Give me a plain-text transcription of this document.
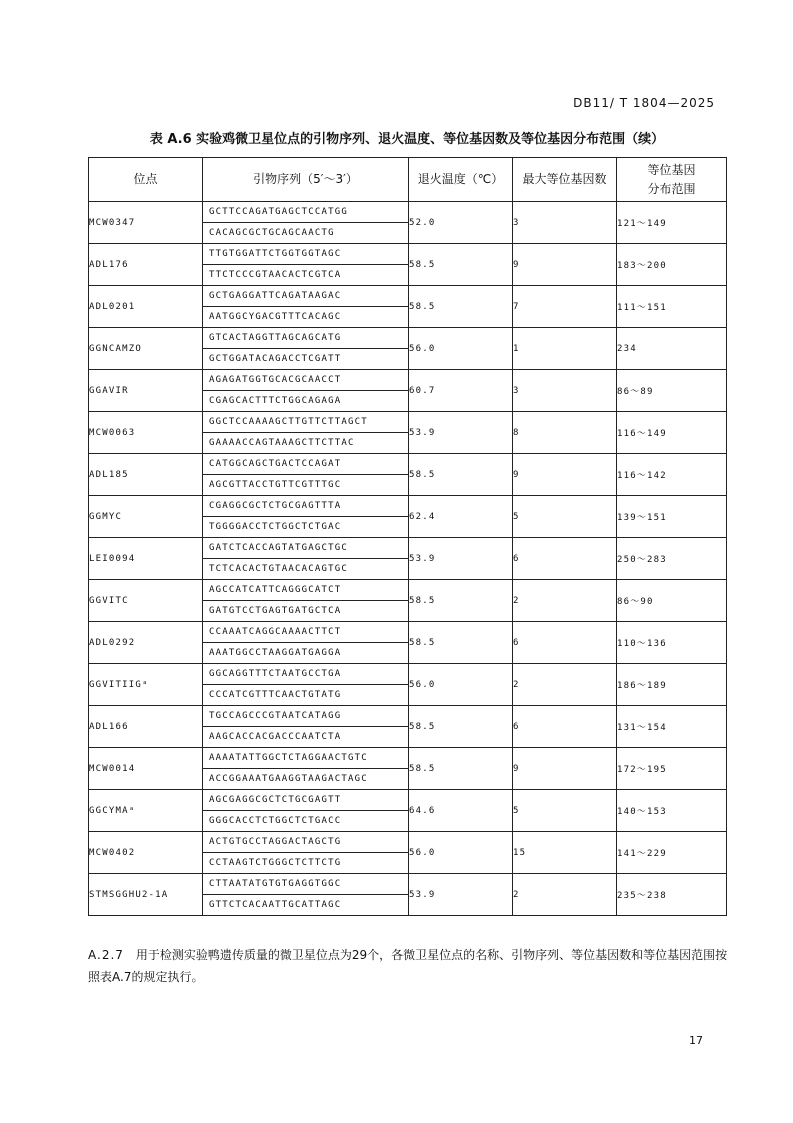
DB11/ T 1804—2025
表 A.6 实验鸡微卫星位点的引物序列、退火温度、等位基因数及等位基因分布范围（续）
位点	引物序列（5′～3′）	退火温度（℃）	最大等位基因数	等位基因
分布范围

MCW0347	GCTTCCAGATGAGCTCCATGG
CACAGCGCTGCAGCAACTG	52.0	3	121～149
ADL176	TTGTGGATTCTGGTGGTAGC
TTCTCCCGTAACACTCGTCA	58.5	9	183～200
ADL0201	GCTGAGGATTCAGATAAGAC
AATGGCYGACGTTTCACAGC	58.5	7	111～151
GGNCAMZO	GTCACTAGGTTAGCAGCATG
GCTGGATACAGACCTCGATT	56.0	1	234
GGAVIR	AGAGATGGTGCACGCAACCT
CGAGCACTTTCTGGCAGAGA	60.7	3	86～89
MCW0063	GGCTCCAAAAGCTTGTTCTTAGCT
GAAAACCAGTAAAGCTTCTTAC	53.9	8	116～149
ADL185	CATGGCAGCTGACTCCAGAT
AGCGTTACCTGTTCGTTTGC	58.5	9	116～142
GGMYC	CGAGGCGCTCTGCGAGTTTA
TGGGGACCTCTGGCTCTGAC	62.4	5	139～151
LEI0094	GATCTCACCAGTATGAGCTGC
TCTCACACTGTAACACAGTGC	53.9	6	250～283
GGVITC	AGCCATCATTCAGGGCATCT
GATGTCCTGAGTGATGCTCA	58.5	2	86～90
ADL0292	CCAAATCAGGCAAAACTTCT
AAATGGCCTAAGGATGAGGA	58.5	6	110～136
GGVITIIGᵃ	GGCAGGTTTCTAATGCCTGA
CCCATCGTTTCAACTGTATG	56.0	2	186～189
ADL166	TGCCAGCCCGTAATCATAGG
AAGCACCACGACCCAATCTA	58.5	6	131～154
MCW0014	AAAATATTGGCTCTAGGAACTGTC
ACCGGAAATGAAGGTAAGACTAGC	58.5	9	172～195
GGCYMAᵃ	AGCGAGGCGCTCTGCGAGTT
GGGCACCTCTGGCTCTGACC	64.6	5	140～153
MCW0402	ACTGTGCCTAGGACTAGCTG
CCTAAGTCTGGGCTCTTCTG	56.0	15	141～229
STMSGGHU2-1A	CTTAATATGTGTGAGGTGGC
GTTCTCACAATTGCATTAGC	53.9	2	235～238
A.2.7 用于检测实验鸭遗传质量的微卫星位点为29个，各微卫星位点的名称、引物序列、等位基因数和等位基因范围按照表A.7的规定执行。
17
